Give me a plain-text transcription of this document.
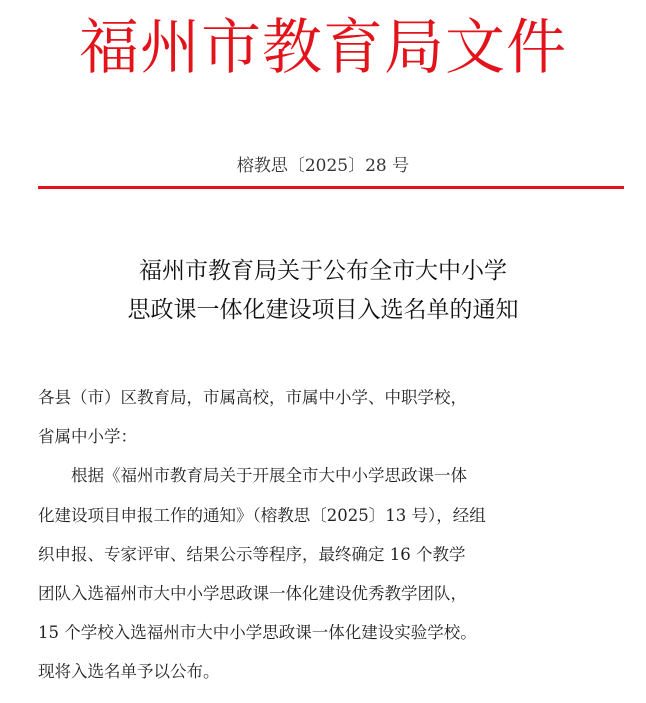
福州市教育局文件
榕教思〔2025〕28 号
福州市教育局关于公布全市大中小学
思政课一体化建设项目入选名单的通知
各县（市）区教育局，市属高校，市属中小学、中职学校，
省属中小学：
根据《福州市教育局关于开展全市大中小学思政课一体
化建设项目申报工作的通知》（榕教思〔2025〕13 号），经组
织申报、专家评审、结果公示等程序，最终确定 16 个教学
团队入选福州市大中小学思政课一体化建设优秀教学团队，
15 个学校入选福州市大中小学思政课一体化建设实验学校。
现将入选名单予以公布。
